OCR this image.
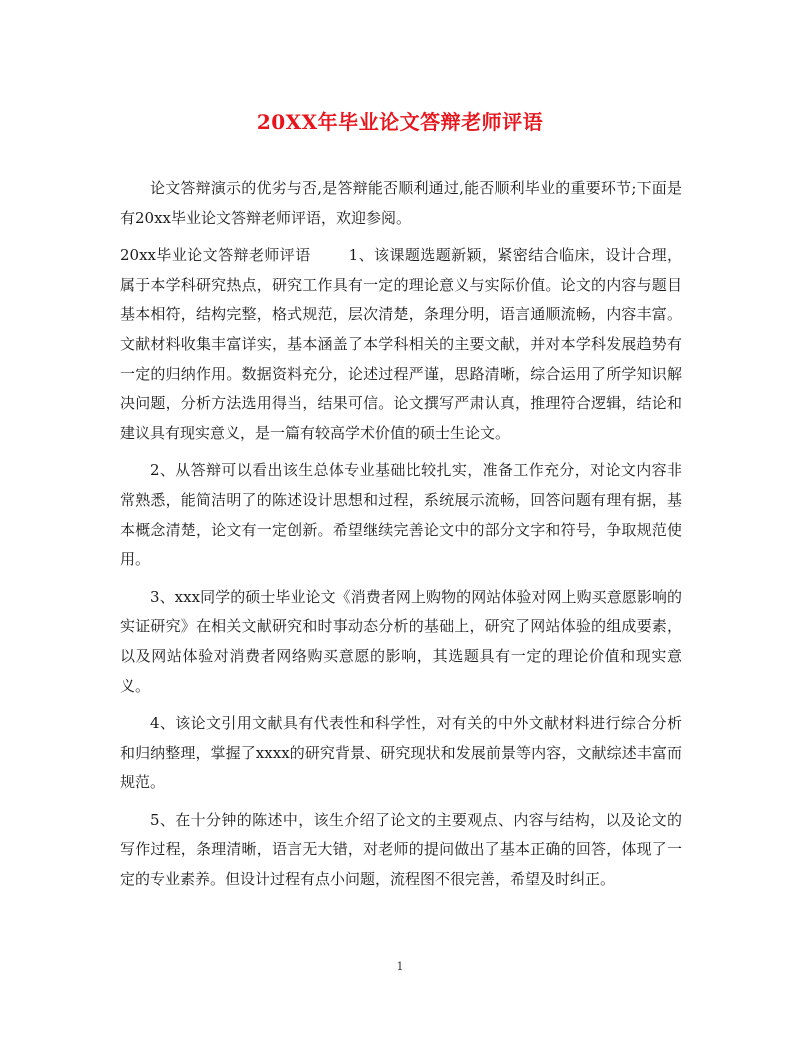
20XX年毕业论文答辩老师评语

论文答辩演示的优劣与否,是答辩能否顺利通过,能否顺利毕业的重要环节;下面是有20xx毕业论文答辩老师评语，欢迎参阅。

20xx毕业论文答辩老师评语	1、该课题选题新颖，紧密结合临床，设计合理，属于本学科研究热点，研究工作具有一定的理论意义与实际价值。论文的内容与题目基本相符，结构完整，格式规范，层次清楚，条理分明，语言通顺流畅，内容丰富。文献材料收集丰富详实，基本涵盖了本学科相关的主要文献，并对本学科发展趋势有一定的归纳作用。数据资料充分，论述过程严谨，思路清晰，综合运用了所学知识解决问题，分析方法选用得当，结果可信。论文撰写严肃认真，推理符合逻辑，结论和建议具有现实意义，是一篇有较高学术价值的硕士生论文。

2、从答辩可以看出该生总体专业基础比较扎实，准备工作充分，对论文内容非常熟悉，能简洁明了的陈述设计思想和过程，系统展示流畅，回答问题有理有据，基本概念清楚，论文有一定创新。希望继续完善论文中的部分文字和符号，争取规范使用。

3、xxx同学的硕士毕业论文《消费者网上购物的网站体验对网上购买意愿影响的实证研究》在相关文献研究和时事动态分析的基础上，研究了网站体验的组成要素，以及网站体验对消费者网络购买意愿的影响，其选题具有一定的理论价值和现实意义。

4、该论文引用文献具有代表性和科学性，对有关的中外文献材料进行综合分析和归纳整理，掌握了xxxx的研究背景、研究现状和发展前景等内容，文献综述丰富而规范。

5、在十分钟的陈述中，该生介绍了论文的主要观点、内容与结构，以及论文的写作过程，条理清晰，语言无大错，对老师的提问做出了基本正确的回答，体现了一定的专业素养。但设计过程有点小问题，流程图不很完善，希望及时纠正。

1
